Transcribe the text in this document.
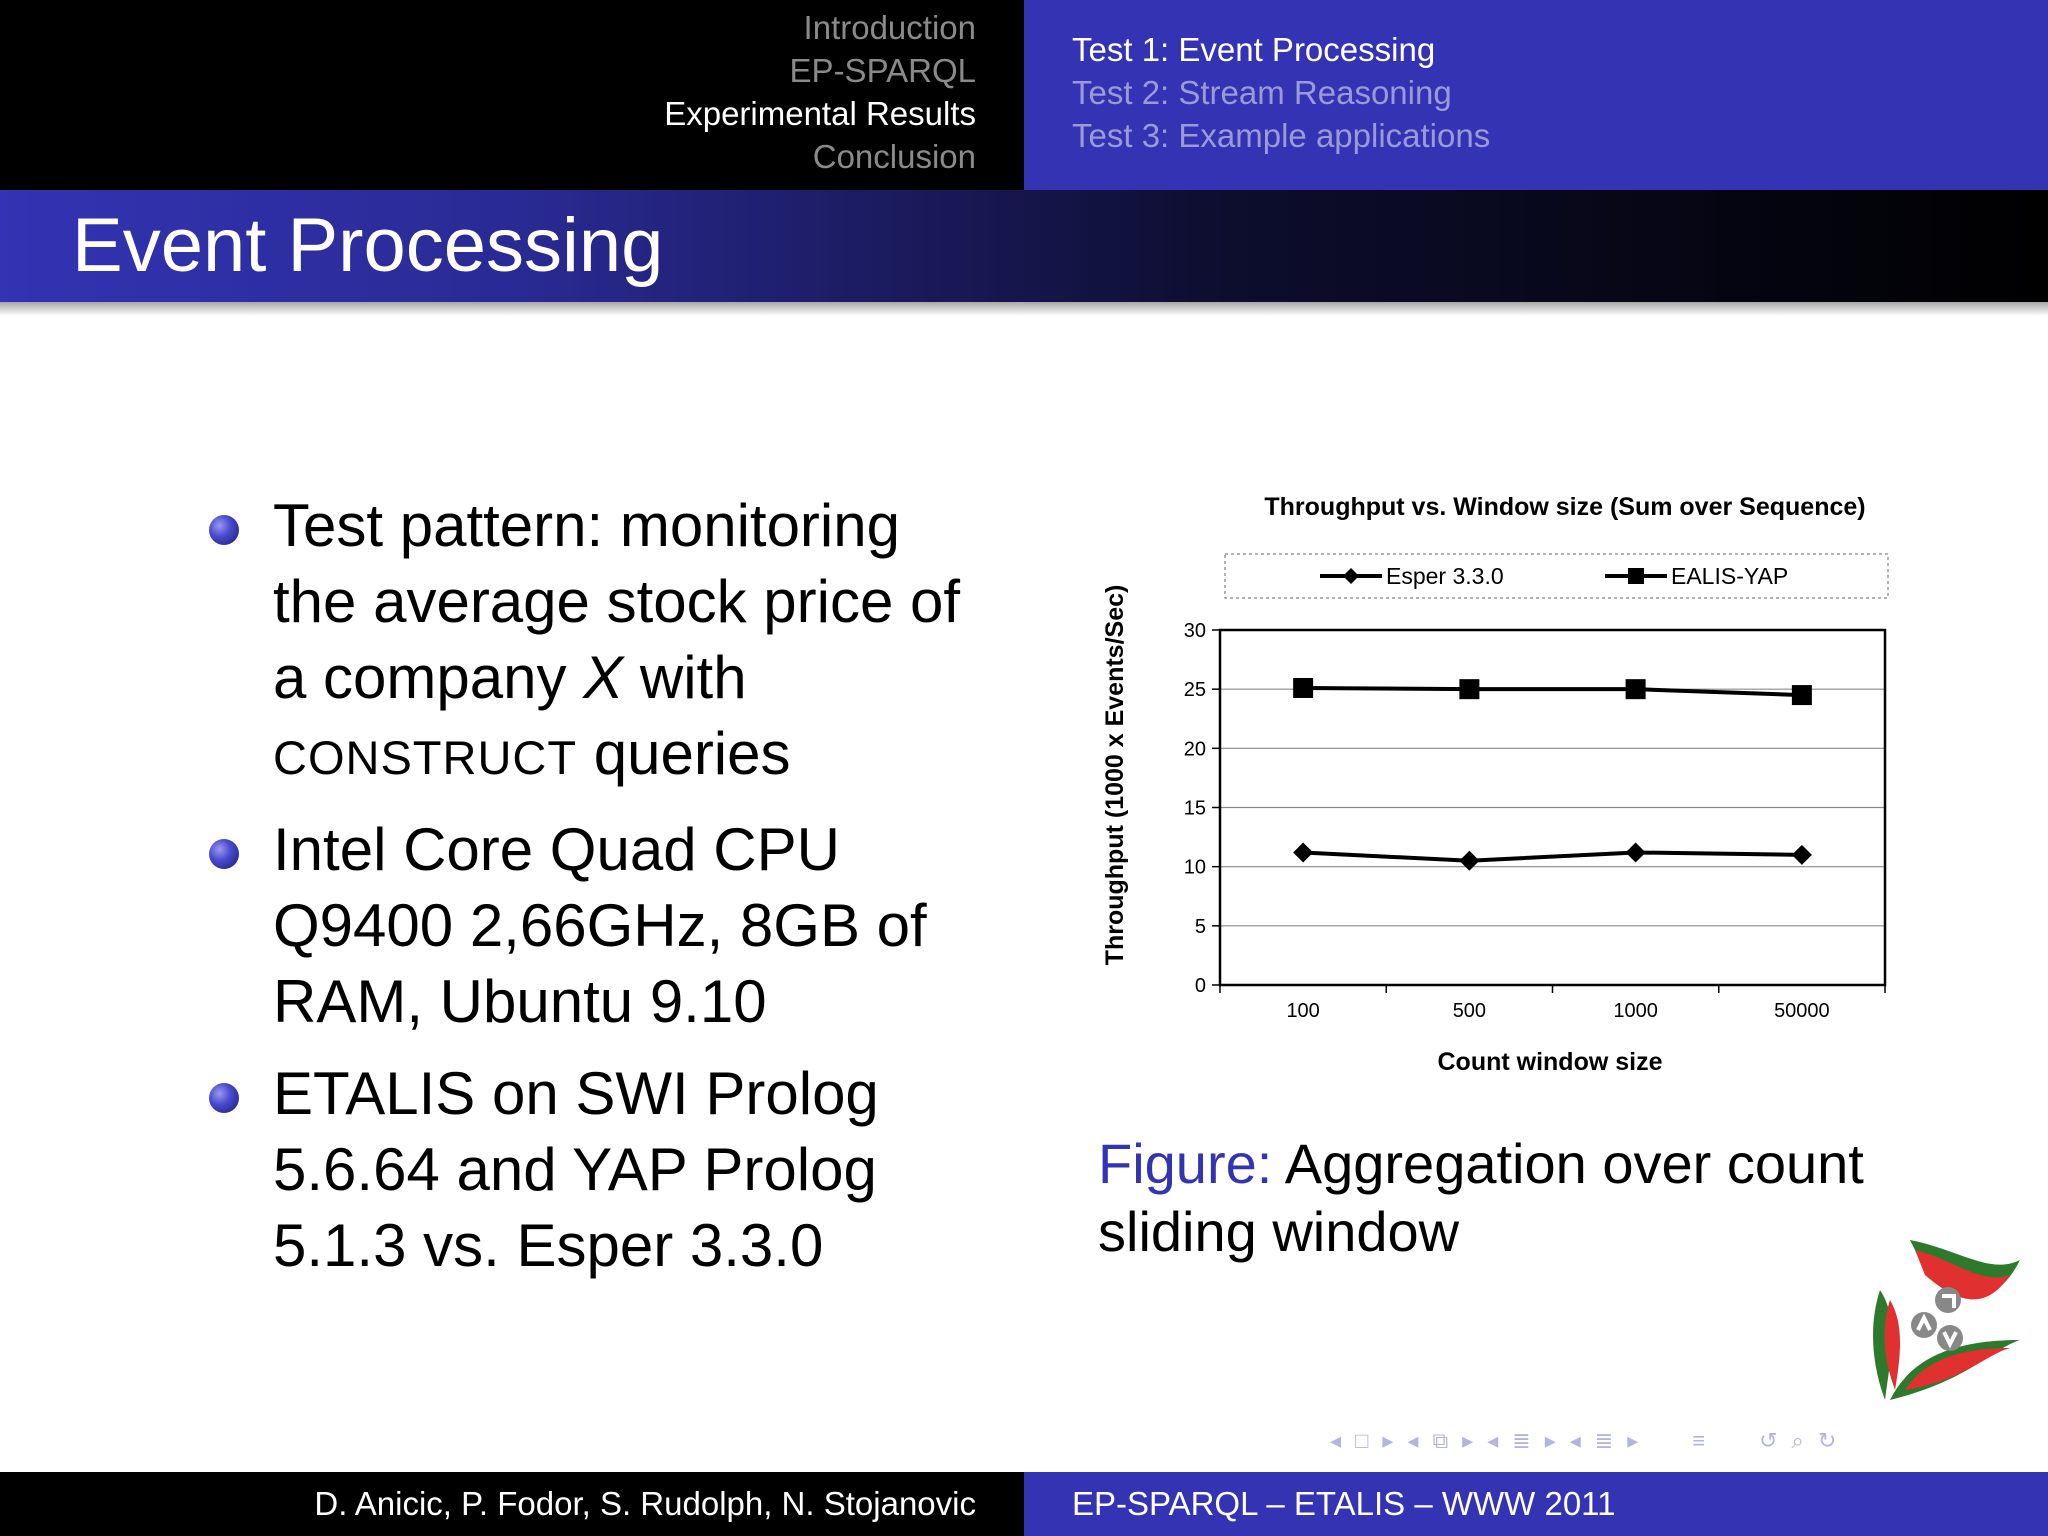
Introduction
EP-SPARQL
Experimental Results
Conclusion
Test 1: Event Processing
Test 2: Stream Reasoning
Test 3: Example applications
Event Processing
Test pattern: monitoring the average stock price of a company X with CONSTRUCT queries
Intel Core Quad CPU Q9400 2,66GHz, 8GB of RAM, Ubuntu 9.10
ETALIS on SWI Prolog 5.6.64 and YAP Prolog 5.1.3 vs. Esper 3.3.0
Throughput vs. Window size (Sum over Sequence)
Esper 3.3.0	EALIS-YAP
0
5
10
15
20
25
30
100	500	1000	50000
Count window size
Throughput (1000 x Events/Sec)
Figure: Aggregation over count sliding window
◂ □ ▸ ◂ ⧉ ▸ ◂ ≣ ▸ ◂ ≣ ▸ ≡ ↺ ⌕ ↻
D. Anicic, P. Fodor, S. Rudolph, N. Stojanovic	EP-SPARQL – ETALIS – WWW 2011
